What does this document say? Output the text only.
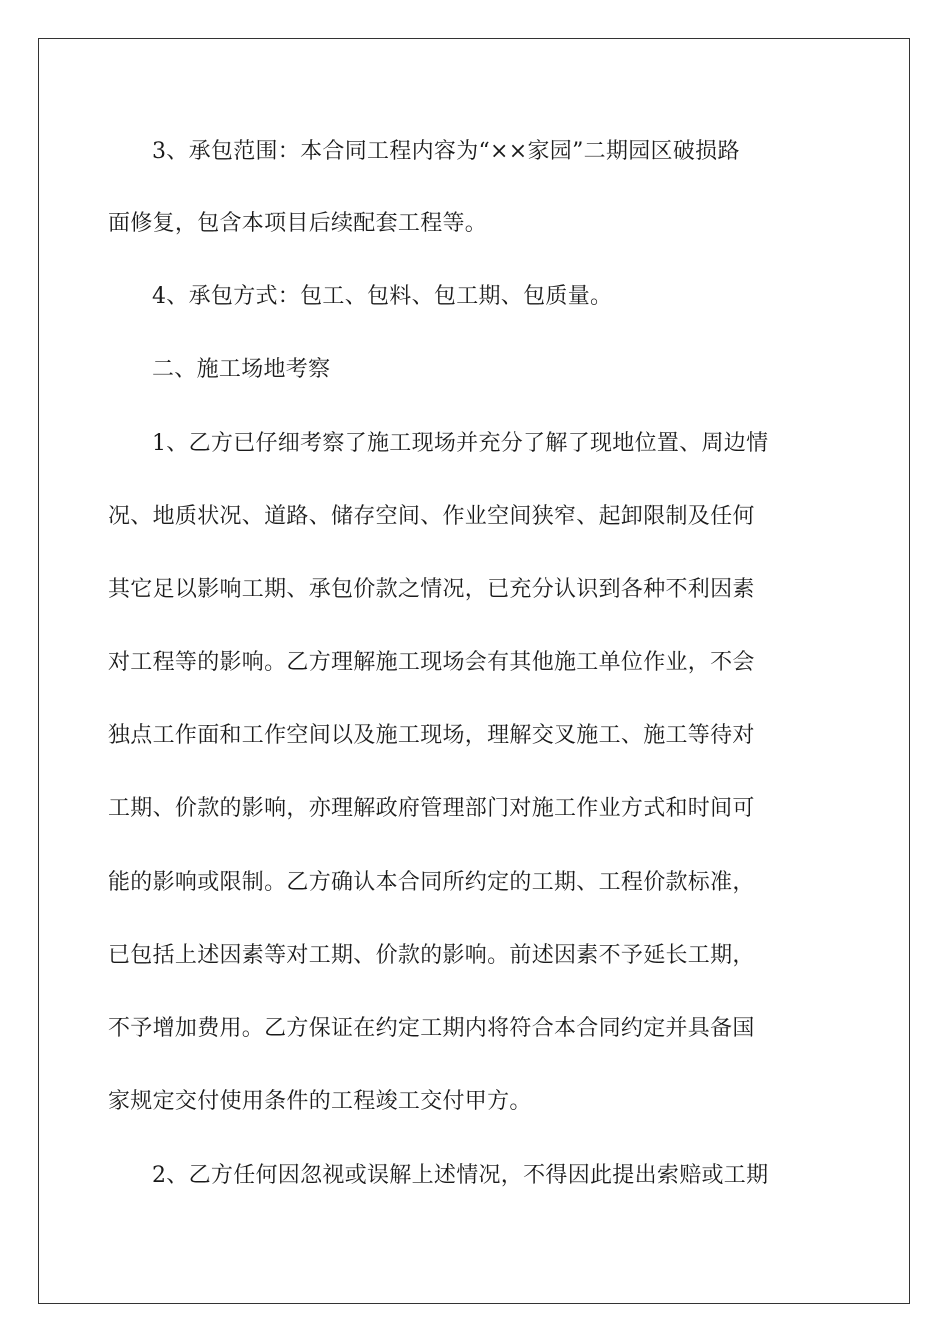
3、承包范围：本合同工程内容为“××家园”二期园区破损路
面修复，包含本项目后续配套工程等。
4、承包方式：包工、包料、包工期、包质量。
二、施工场地考察
1、乙方已仔细考察了施工现场并充分了解了现地位置、周边情
况、地质状况、道路、储存空间、作业空间狭窄、起卸限制及任何
其它足以影响工期、承包价款之情况，已充分认识到各种不利因素
对工程等的影响。乙方理解施工现场会有其他施工单位作业，不会
独点工作面和工作空间以及施工现场，理解交叉施工、施工等待对
工期、价款的影响，亦理解政府管理部门对施工作业方式和时间可
能的影响或限制。乙方确认本合同所约定的工期、工程价款标准，
已包括上述因素等对工期、价款的影响。前述因素不予延长工期，
不予增加费用。乙方保证在约定工期内将符合本合同约定并具备国
家规定交付使用条件的工程竣工交付甲方。
2、乙方任何因忽视或误解上述情况，不得因此提出索赔或工期
